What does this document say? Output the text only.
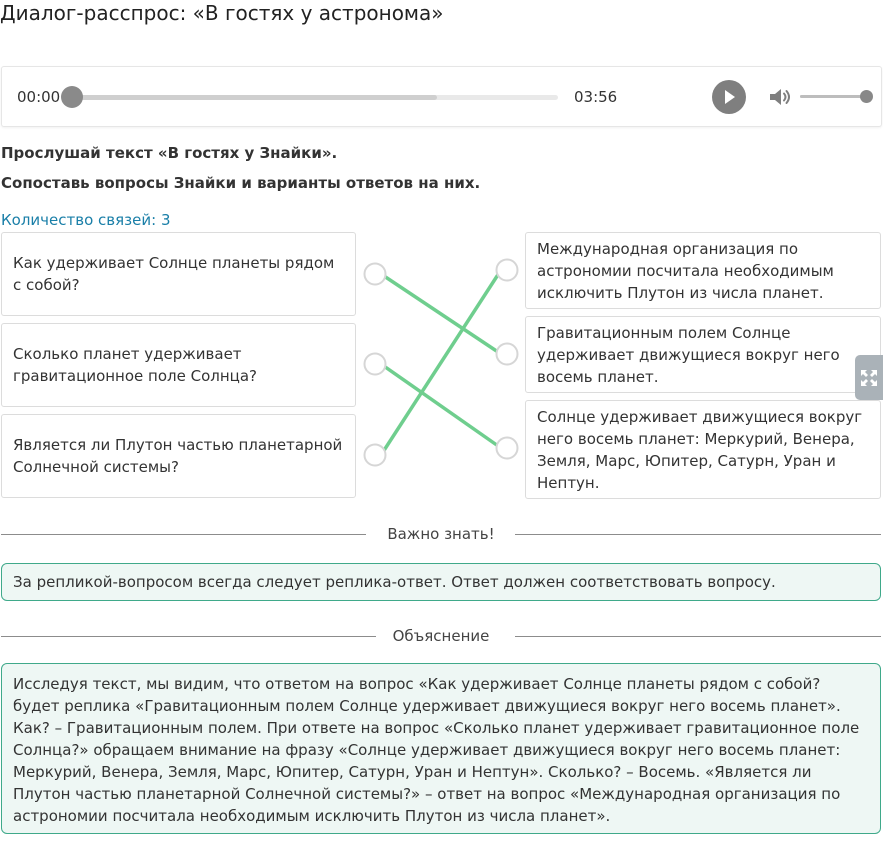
Диалог-расспрос: «В гостях у астронома»
00:00	03:56
Прослушай текст «В гостях у Знайки».
Сопоставь вопросы Знайки и варианты ответов на них.
Количество связей: 3
Как удерживает Солнце планеты рядом с собой?
Сколько планет удерживает гравитационное поле Солнца?
Является ли Плутон частью планетарной Солнечной системы?
Международная организация по астрономии посчитала необходимым исключить Плутон из числа планет.
Гравитационным полем Солнце удерживает движущиеся вокруг него восемь планет.
Солнце удерживает движущиеся вокруг него восемь планет: Меркурий, Венера, Земля, Марс, Юпитер, Сатурн, Уран и Нептун.
Важно знать!
За репликой-вопросом всегда следует реплика-ответ. Ответ должен соответствовать вопросу.
Объяснение
Исследуя текст, мы видим, что ответом на вопрос «Как удерживает Солнце планеты рядом с собой? будет реплика «Гравитационным полем Солнце удерживает движущиеся вокруг него восемь планет». Как? – Гравитационным полем. При ответе на вопрос «Сколько планет удерживает гравитационное поле Солнца?» обращаем внимание на фразу «Солнце удерживает движущиеся вокруг него восемь планет: Меркурий, Венера, Земля, Марс, Юпитер, Сатурн, Уран и Нептун». Сколько? – Восемь. «Является ли Плутон частью планетарной Солнечной системы?» – ответ на вопрос «Международная организация по астрономии посчитала необходимым исключить Плутон из числа планет».
